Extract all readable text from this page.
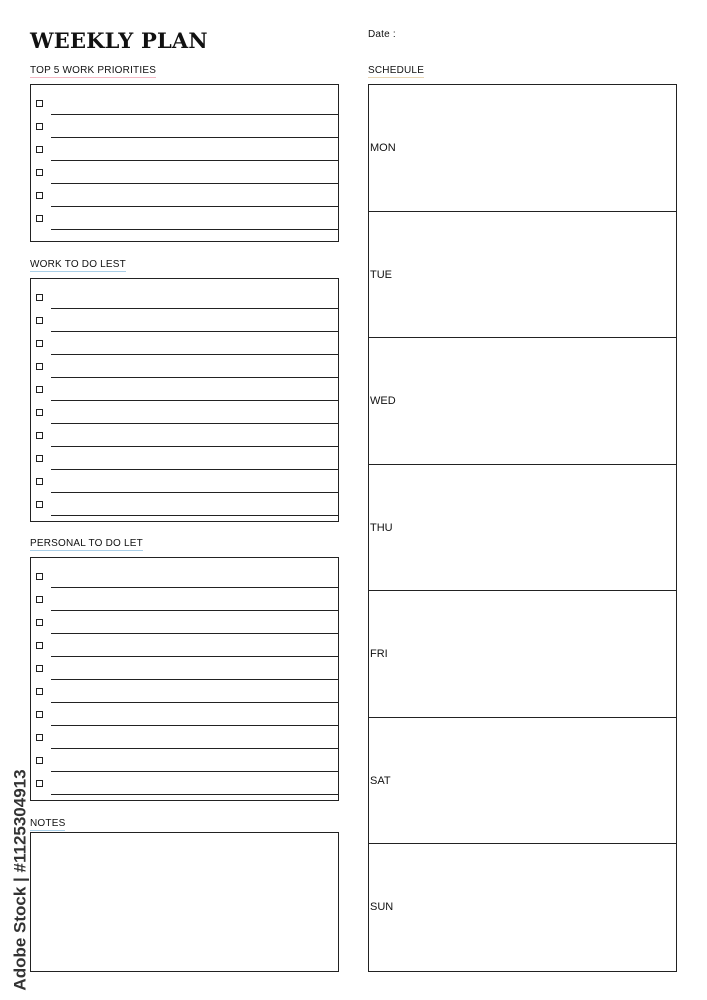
WEEKLY PLAN	Date :
TOP 5 WORK PRIORITIES
WORK TO DO LEST
PERSONAL TO DO LET
NOTES
SCHEDULE
MON
TUE
WED
THU
FRI
SAT
SUN
Adobe Stock | #1125304913
